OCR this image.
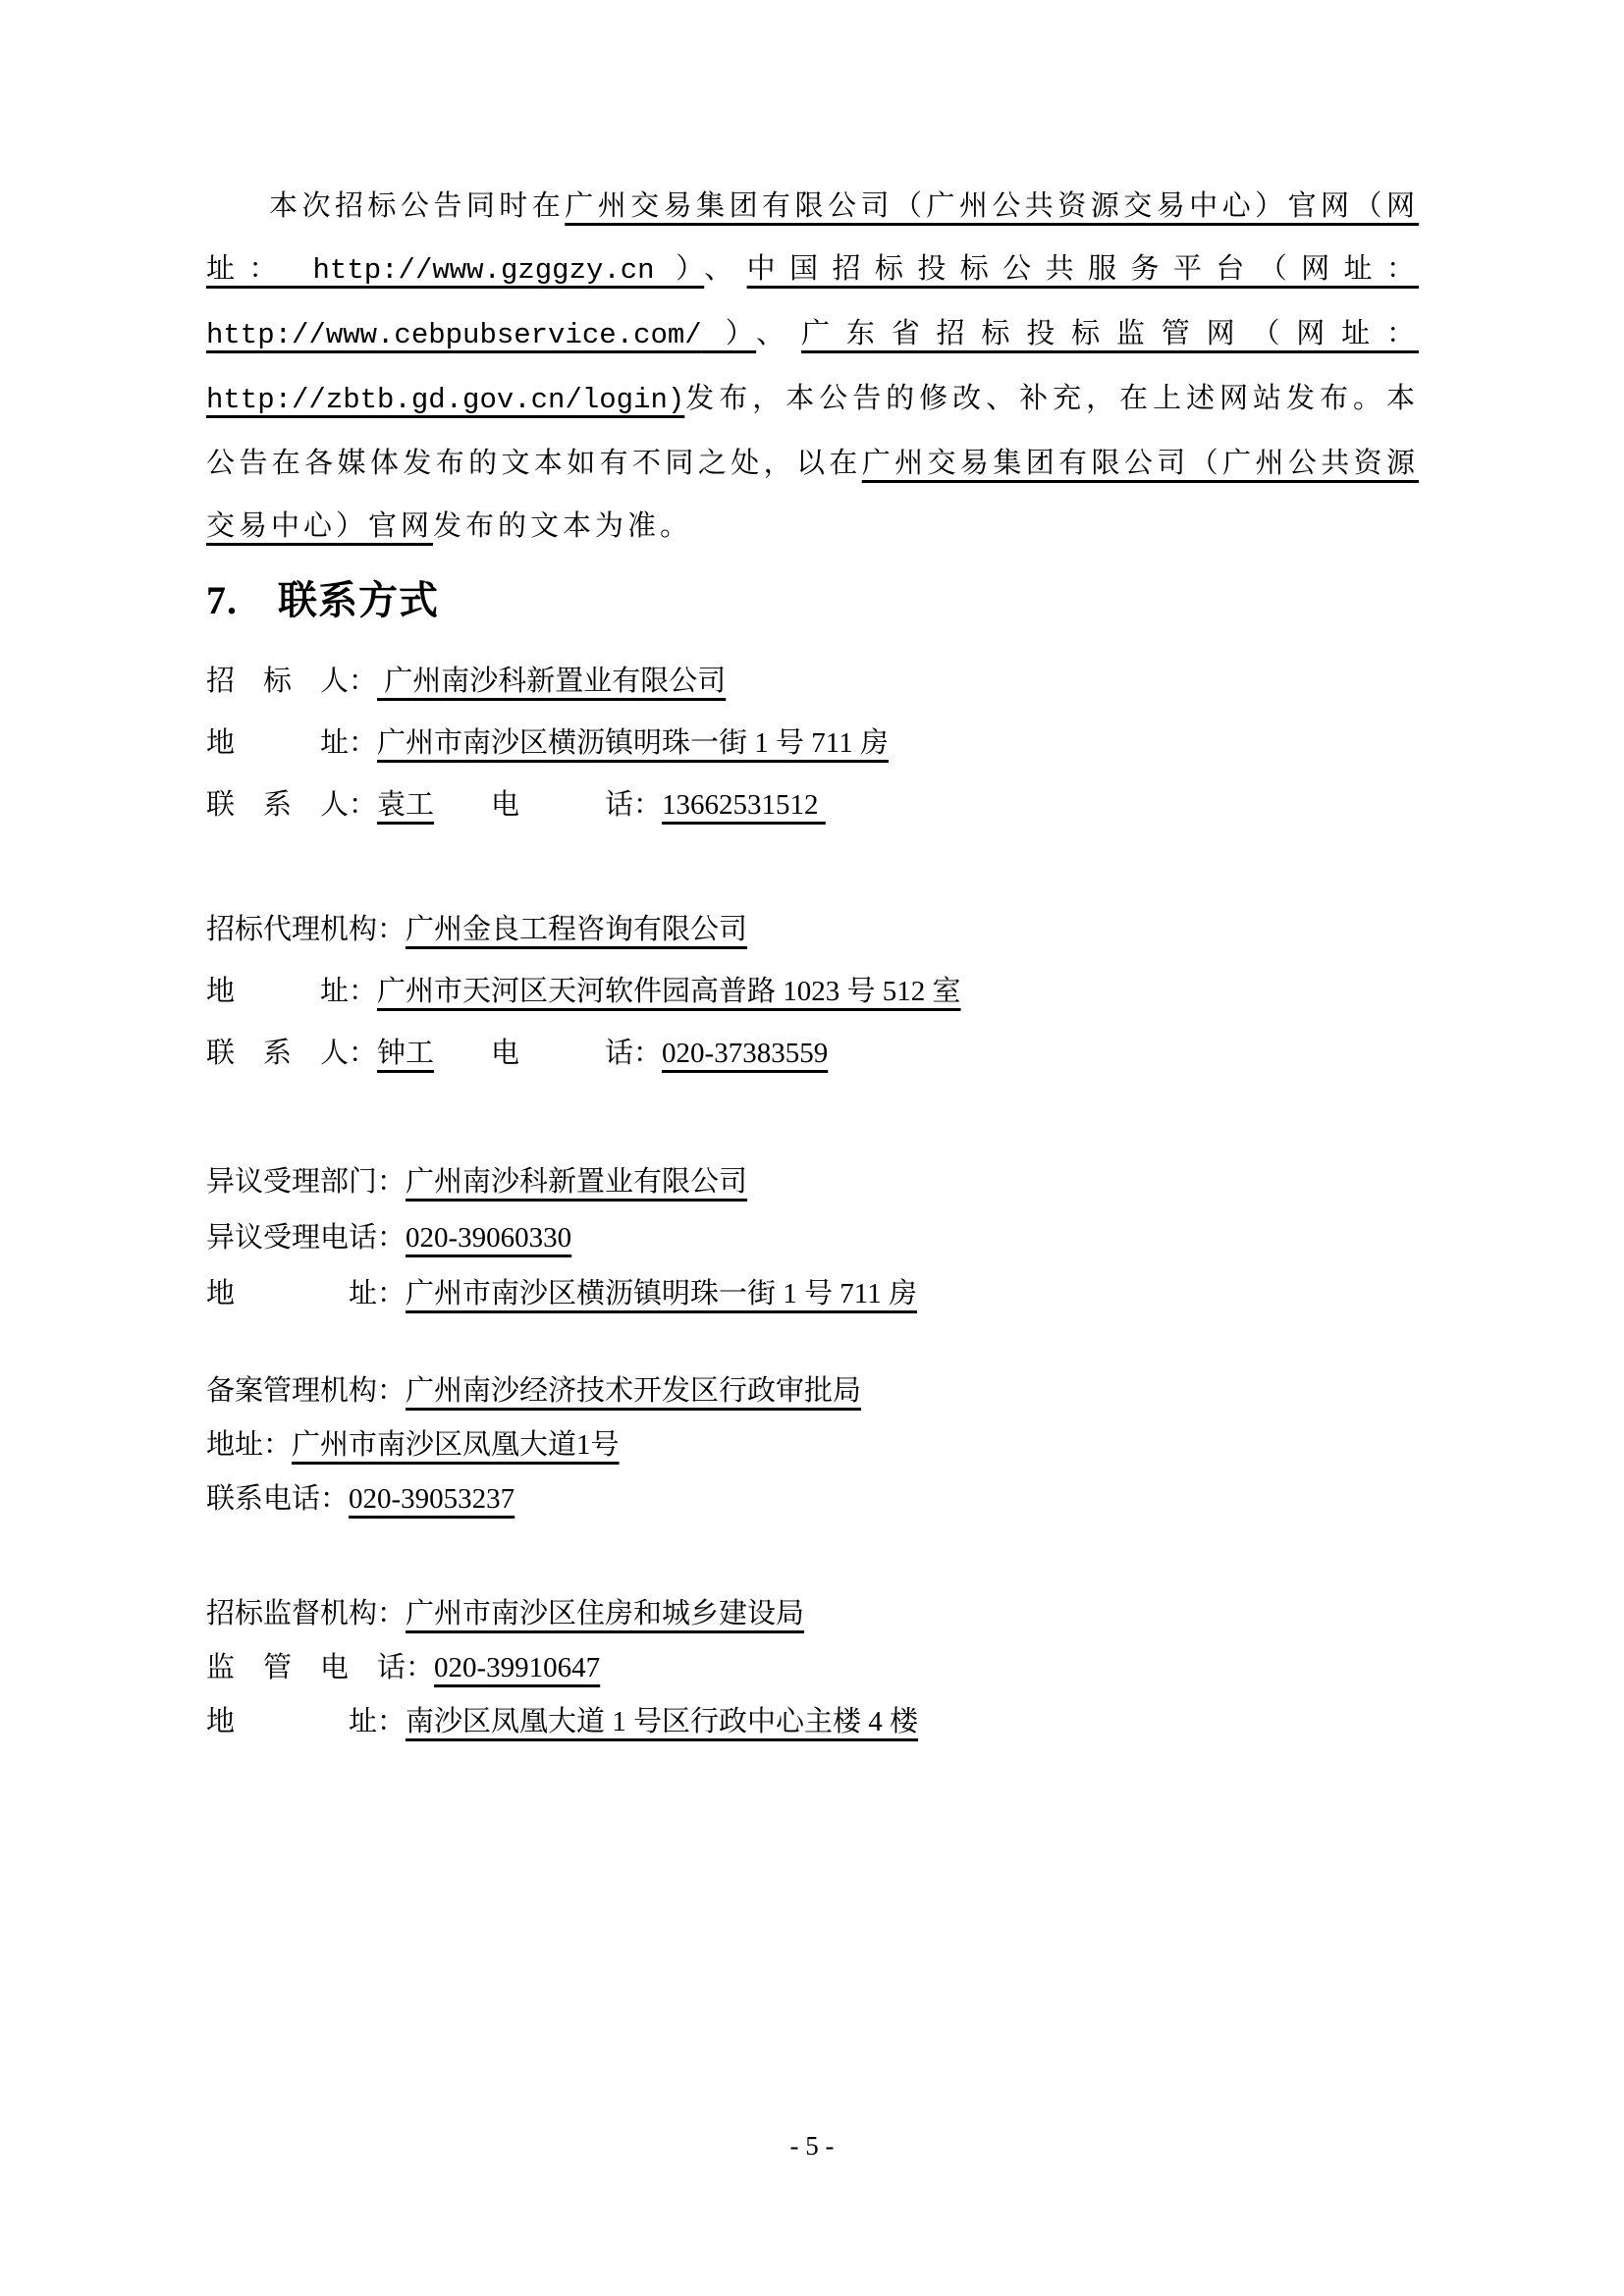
本次招标公告同时在广州交易集团有限公司（广州公共资源交易中心）官网（网址： http://www.gzggzy.cn ）、中国招标投标公共服务平台（网址： http://www.cebpubservice.com/ ）、广东省招标投标监管网（网址：http://zbtb.gd.gov.cn/login)发布，本公告的修改、补充，在上述网站发布。本公告在各媒体发布的文本如有不同之处，以在广州交易集团有限公司（广州公共资源交易中心）官网发布的文本为准。

7.　联系方式
招　标　人： 广州南沙科新置业有限公司
地　　　址：广州市南沙区横沥镇明珠一街 1 号 711 房
联　系　人：袁工　　电　　　话：13662531512
招标代理机构：广州金良工程咨询有限公司
地　　　址：广州市天河区天河软件园高普路 1023 号 512 室
联　系　人：钟工　　电　　　话：020-37383559
异议受理部门：广州南沙科新置业有限公司
异议受理电话：020-39060330
地　　　　址：广州市南沙区横沥镇明珠一街 1 号 711 房
备案管理机构：广州南沙经济技术开发区行政审批局
地址：广州市南沙区凤凰大道1号
联系电话：020-39053237
招标监督机构：广州市南沙区住房和城乡建设局
监　管　电　话：020-39910647
地　　　　址：南沙区凤凰大道 1 号区行政中心主楼 4 楼
- 5 -
